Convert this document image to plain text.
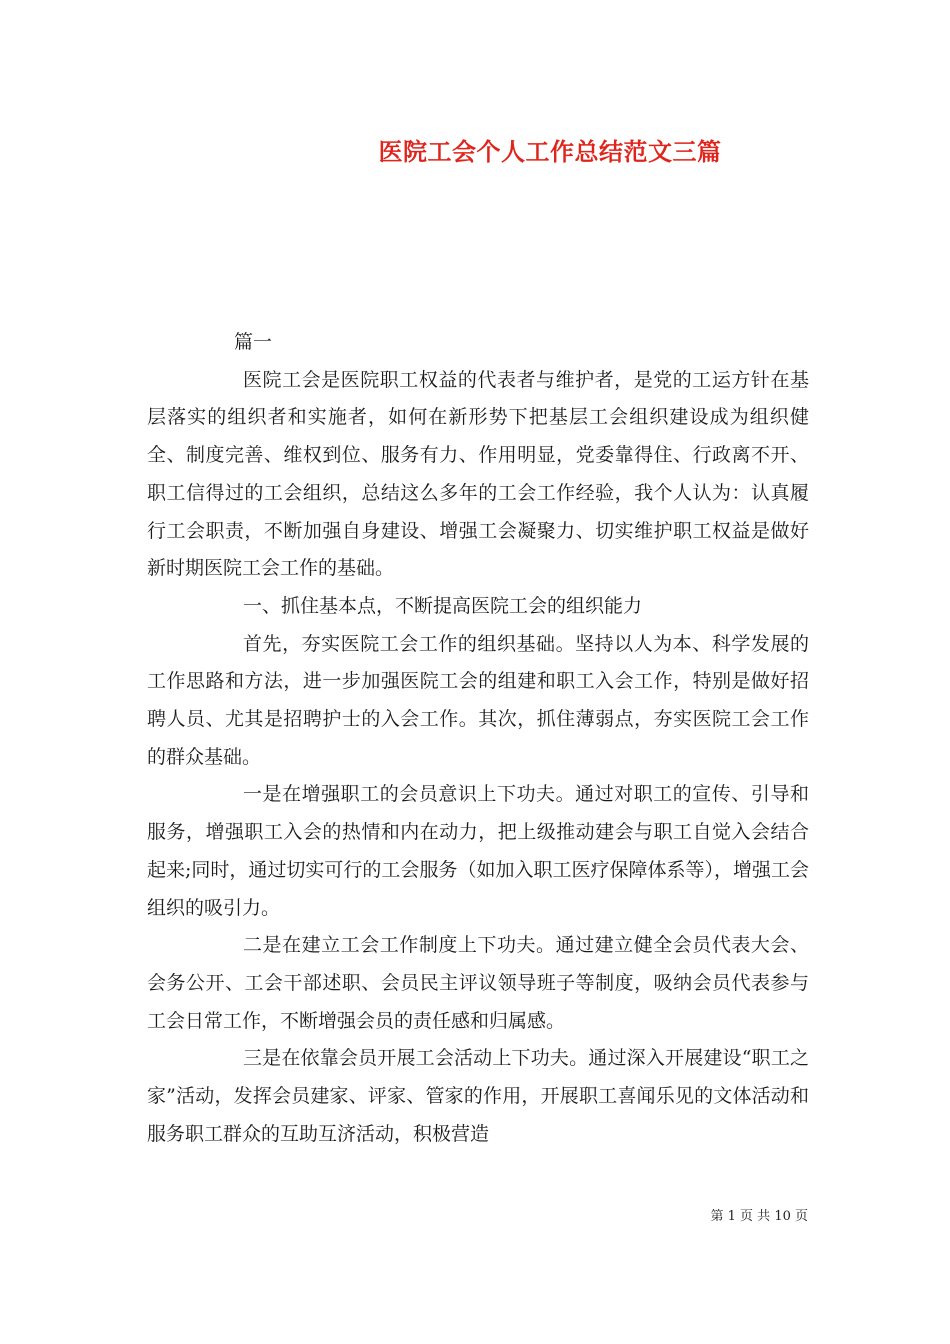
医院工会个人工作总结范文三篇

篇一

医院工会是医院职工权益的代表者与维护者，是党的工运方针在基层落实的组织者和实施者，如何在新形势下把基层工会组织建设成为组织健全、制度完善、维权到位、服务有力、作用明显，党委靠得住、行政离不开、职工信得过的工会组织，总结这么多年的工会工作经验，我个人认为：认真履行工会职责，不断加强自身建设、增强工会凝聚力、切实维护职工权益是做好新时期医院工会工作的基础。

一、抓住基本点，不断提高医院工会的组织能力

首先，夯实医院工会工作的组织基础。坚持以人为本、科学发展的工作思路和方法，进一步加强医院工会的组建和职工入会工作，特别是做好招聘人员、尤其是招聘护士的入会工作。其次，抓住薄弱点，夯实医院工会工作的群众基础。

一是在增强职工的会员意识上下功夫。通过对职工的宣传、引导和服务，增强职工入会的热情和内在动力，把上级推动建会与职工自觉入会结合起来;同时，通过切实可行的工会服务（如加入职工医疗保障体系等），增强工会组织的吸引力。

二是在建立工会工作制度上下功夫。通过建立健全会员代表大会、会务公开、工会干部述职、会员民主评议领导班子等制度，吸纳会员代表参与工会日常工作，不断增强会员的责任感和归属感。

三是在依靠会员开展工会活动上下功夫。通过深入开展建设“职工之家”活动，发挥会员建家、评家、管家的作用，开展职工喜闻乐见的文体活动和服务职工群众的互助互济活动，积极营造

第 1 页 共 10 页
